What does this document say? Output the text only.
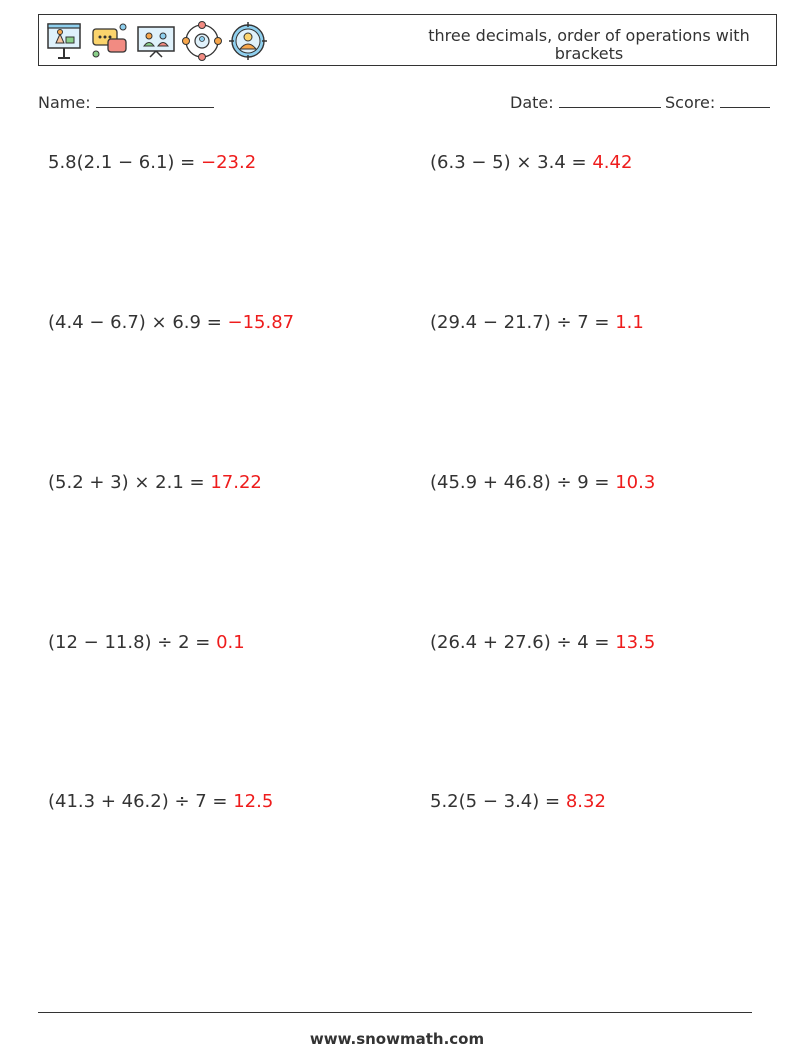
three decimals, order of operations with
brackets
Name:	Date:	Score:
5.8(2.1 − 6.1) = −23.2	(6.3 − 5) × 3.4 = 4.42
(4.4 − 6.7) × 6.9 = −15.87	(29.4 − 21.7) ÷ 7 = 1.1
(5.2 + 3) × 2.1 = 17.22	(45.9 + 46.8) ÷ 9 = 10.3
(12 − 11.8) ÷ 2 = 0.1	(26.4 + 27.6) ÷ 4 = 13.5
(41.3 + 46.2) ÷ 7 = 12.5	5.2(5 − 3.4) = 8.32
www.snowmath.com
